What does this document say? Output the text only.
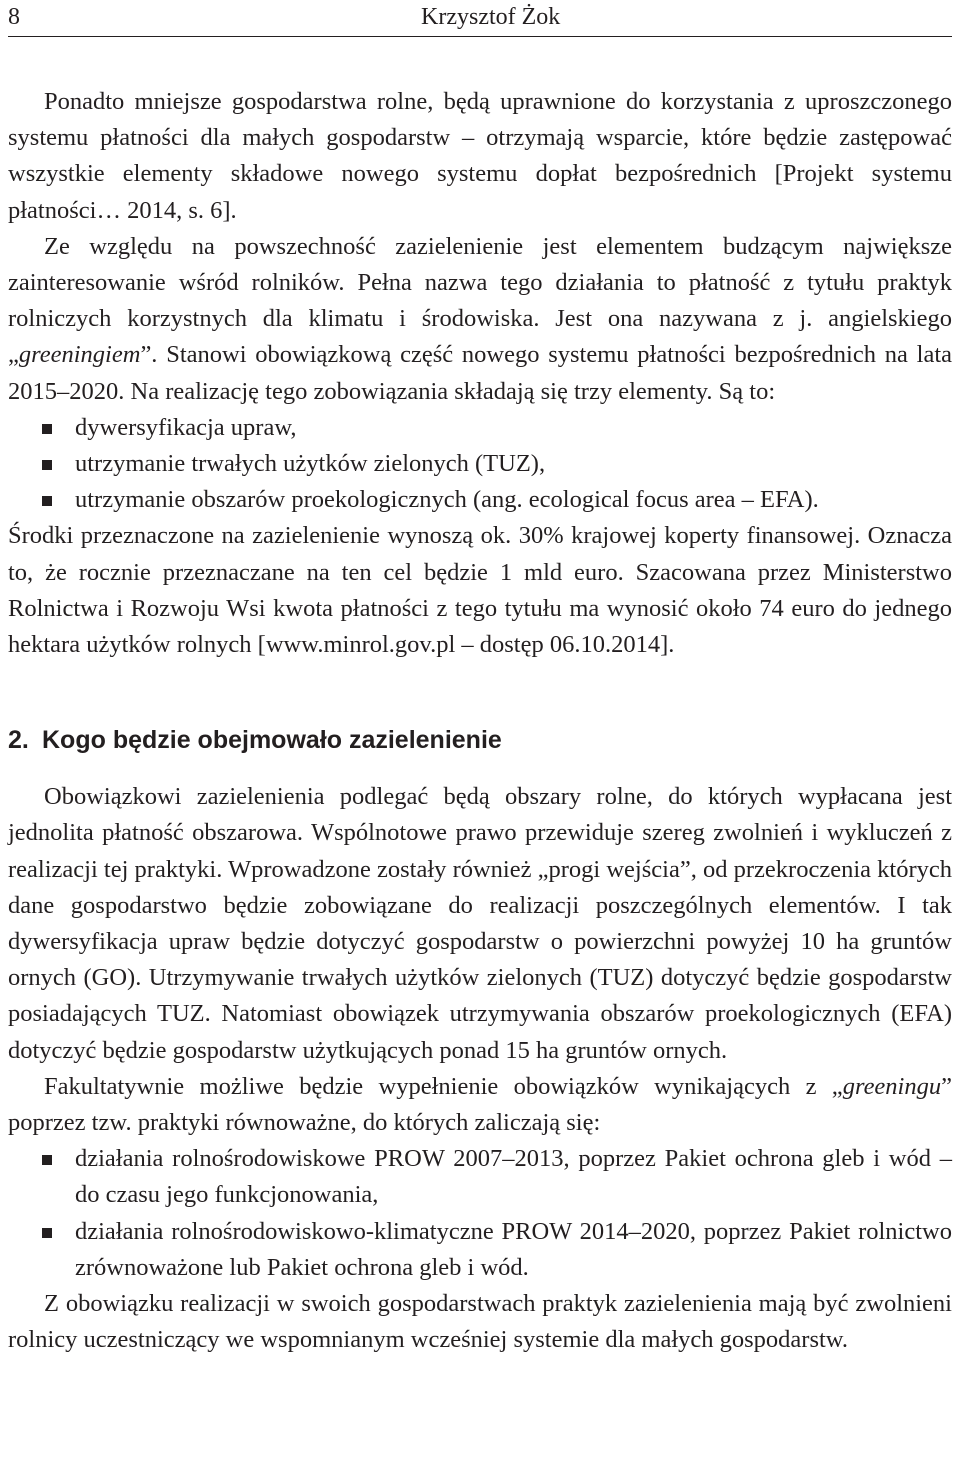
8	Krzysztof Żok

Ponadto mniejsze gospodarstwa rolne, będą uprawnione do korzystania z uproszczonego systemu płatności dla małych gospodarstw – otrzymają wsparcie, które będzie zastępować wszystkie elementy składowe nowego systemu dopłat bezpośrednich [Projekt systemu płatności… 2014, s. 6].

Ze względu na powszechność zazielenienie jest elementem budzącym największe zainteresowanie wśród rolników. Pełna nazwa tego działania to płatność z tytułu praktyk rolniczych korzystnych dla klimatu i środowiska. Jest ona nazywana z j. angielskiego „greeningiem”. Stanowi obowiązkową część nowego systemu płatności bezpośrednich na lata 2015–2020. Na realizację tego zobowiązania składają się trzy elementy. Są to:

dywersyfikacja upraw,
utrzymanie trwałych użytków zielonych (TUZ),
utrzymanie obszarów proekologicznych (ang. ecological focus area – EFA).

Środki przeznaczone na zazielenienie wynoszą ok. 30% krajowej koperty finansowej. Oznacza to, że rocznie przeznaczane na ten cel będzie 1 mld euro. Szacowana przez Ministerstwo Rolnictwa i Rozwoju Wsi kwota płatności z tego tytułu ma wynosić około 74 euro do jednego hektara użytków rolnych [www.minrol.gov.pl – dostęp 06.10.2014].

2. Kogo będzie obejmowało zazielenienie

Obowiązkowi zazielenienia podlegać będą obszary rolne, do których wypłacana jest jednolita płatność obszarowa. Wspólnotowe prawo przewiduje szereg zwolnień i wykluczeń z realizacji tej praktyki. Wprowadzone zostały również „progi wejścia”, od przekroczenia których dane gospodarstwo będzie zobowiązane do realizacji poszczególnych elementów. I tak dywersyfikacja upraw będzie dotyczyć gospodarstw o powierzchni powyżej 10 ha gruntów ornych (GO). Utrzymywanie trwałych użytków zielonych (TUZ) dotyczyć będzie gospodarstw posiadających TUZ. Natomiast obowiązek utrzymywania obszarów proekologicznych (EFA) dotyczyć będzie gospodarstw użytkujących ponad 15 ha gruntów ornych.

Fakultatywnie możliwe będzie wypełnienie obowiązków wynikających z „greeningu” poprzez tzw. praktyki równoważne, do których zaliczają się:

działania rolnośrodowiskowe PROW 2007–2013, poprzez Pakiet ochrona gleb i wód – do czasu jego funkcjonowania,
działania rolnośrodowiskowo-klimatyczne PROW 2014–2020, poprzez Pakiet rolnictwo zrównoważone lub Pakiet ochrona gleb i wód.

Z obowiązku realizacji w swoich gospodarstwach praktyk zazielenienia mają być zwolnieni rolnicy uczestniczący we wspomnianym wcześniej systemie dla małych gospodarstw.
